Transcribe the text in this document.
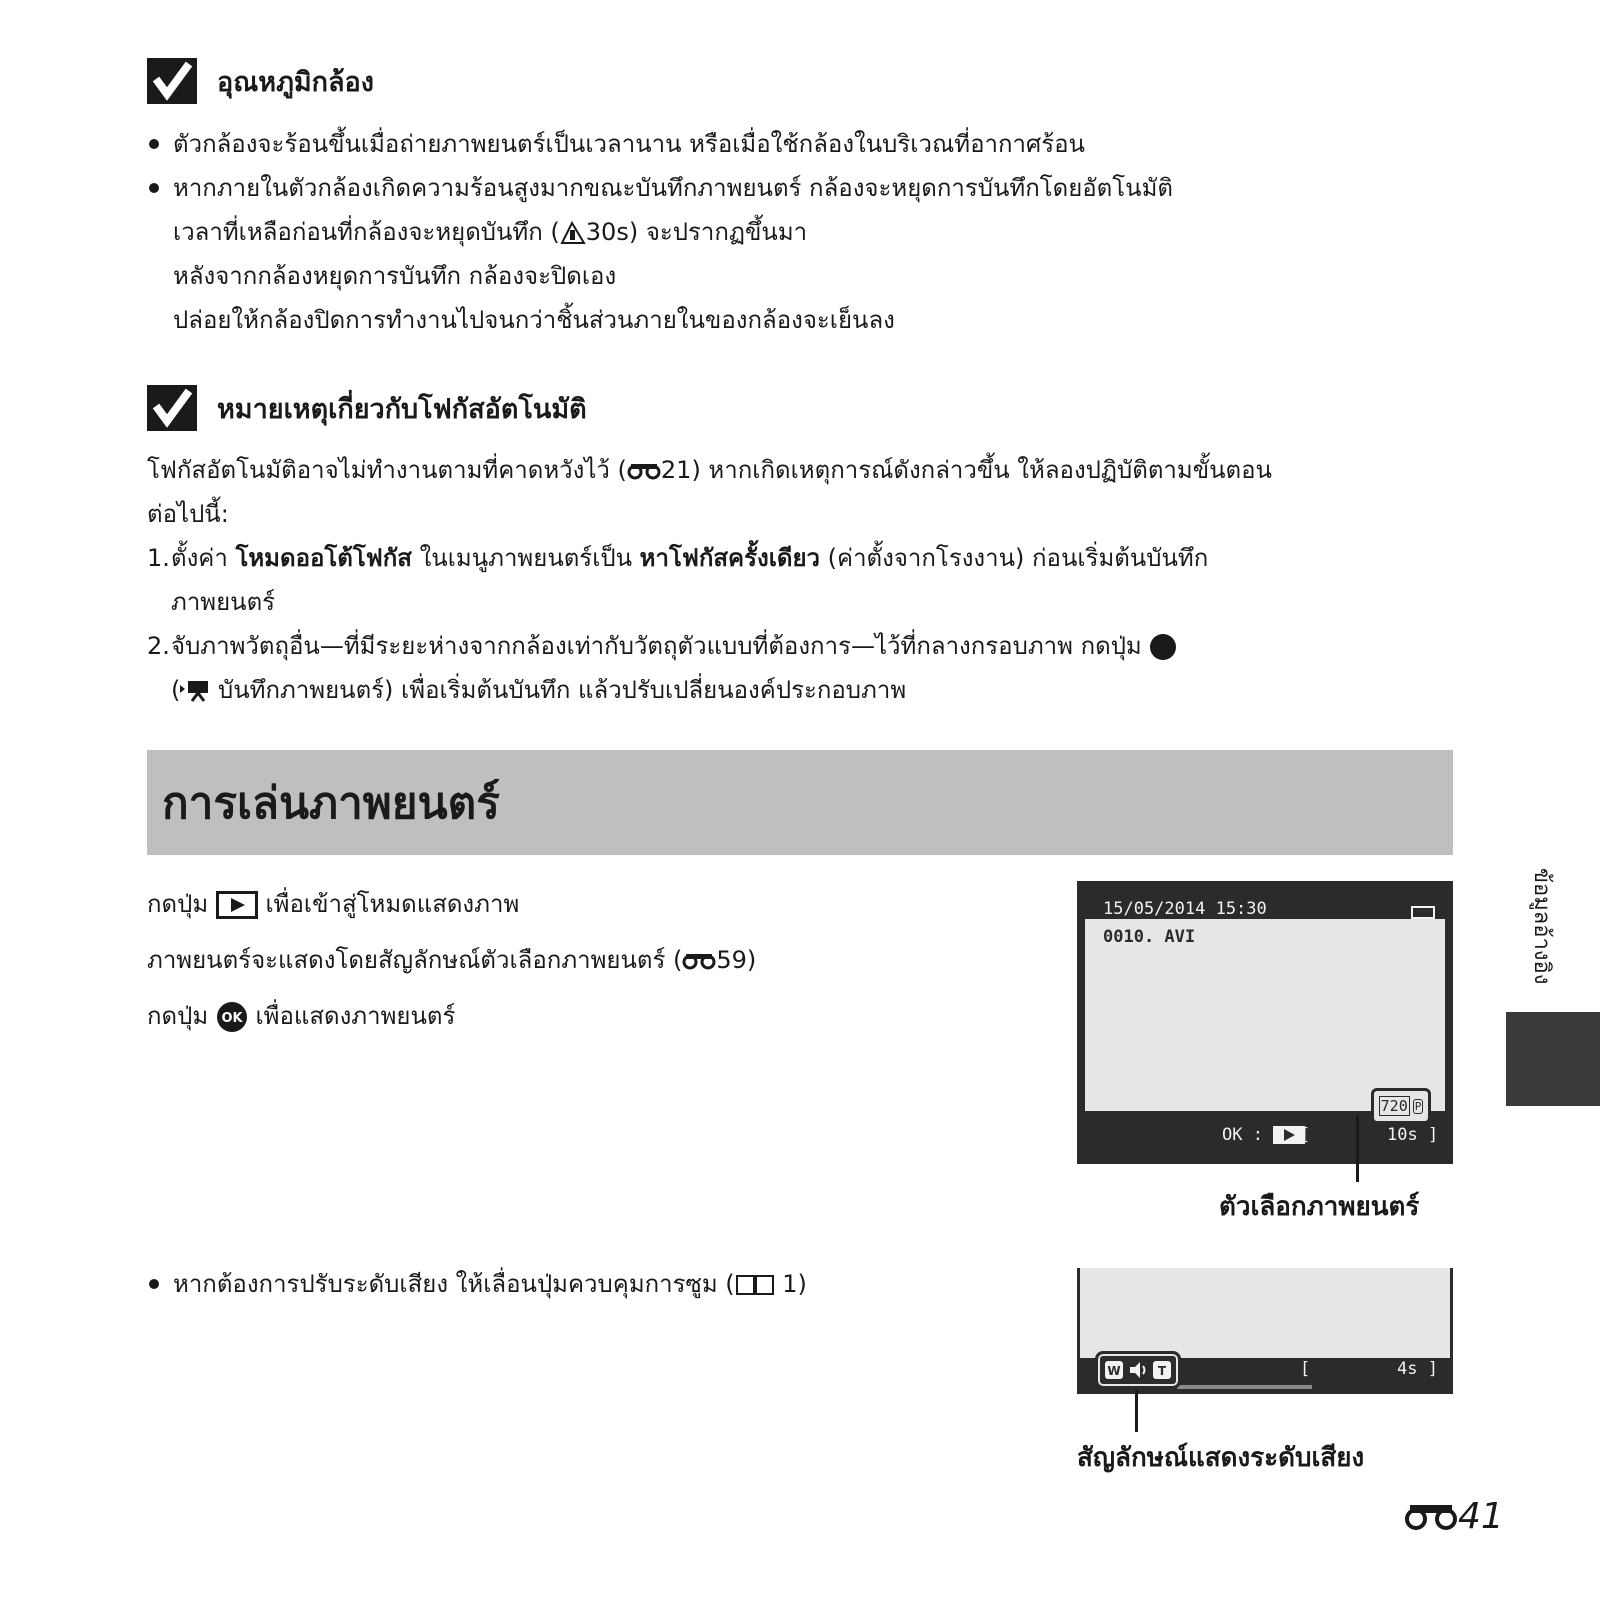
อุณหภูมิกล้อง
ตัวกล้องจะร้อนขึ้นเมื่อถ่ายภาพยนตร์เป็นเวลานาน หรือเมื่อใช้กล้องในบริเวณที่อากาศร้อน
หากภายในตัวกล้องเกิดความร้อนสูงมากขณะบันทึกภาพยนตร์ กล้องจะหยุดการบันทึกโดยอัตโนมัติ
เวลาที่เหลือก่อนที่กล้องจะหยุดบันทึก ( 30s) จะปรากฏขึ้นมา
หลังจากกล้องหยุดการบันทึก กล้องจะปิดเอง
ปล่อยให้กล้องปิดการทำงานไปจนกว่าชิ้นส่วนภายในของกล้องจะเย็นลง
หมายเหตุเกี่ยวกับโฟกัสอัตโนมัติ
โฟกัสอัตโนมัติอาจไม่ทำงานตามที่คาดหวังไว้ ( 21) หากเกิดเหตุการณ์ดังกล่าวขึ้น ให้ลองปฏิบัติตามขั้นตอน
ต่อไปนี้:
1. ตั้งค่า โหมดออโต้โฟกัส ในเมนูภาพยนตร์เป็น หาโฟกัสครั้งเดียว (ค่าตั้งจากโรงงาน) ก่อนเริ่มต้นบันทึก
ภาพยนตร์
2. จับภาพวัตถุอื่น—ที่มีระยะห่างจากกล้องเท่ากับวัตถุตัวแบบที่ต้องการ—ไว้ที่กลางกรอบภาพ กดปุ่ม
( บันทึกภาพยนตร์) เพื่อเริ่มต้นบันทึก แล้วปรับเปลี่ยนองค์ประกอบภาพ
การเล่นภาพยนตร์
กดปุ่ม  เพื่อเข้าสู่โหมดแสดงภาพ
ภาพยนตร์จะแสดงโดยสัญลักษณ์ตัวเลือกภาพยนตร์ ( 59)
กดปุ่ม OK เพื่อแสดงภาพยนตร์
หากต้องการปรับระดับเสียง ให้เลื่อนปุ่มควบคุมการซูม ( 1)
15/05/2014 15:30
0010. AVI
720 P
OK :	[	10s ]
ตัวเลือกภาพยนตร์
W	T	[	4s ]
สัญลักษณ์แสดงระดับเสียง
ข้อมูลอ้างอิง
41
